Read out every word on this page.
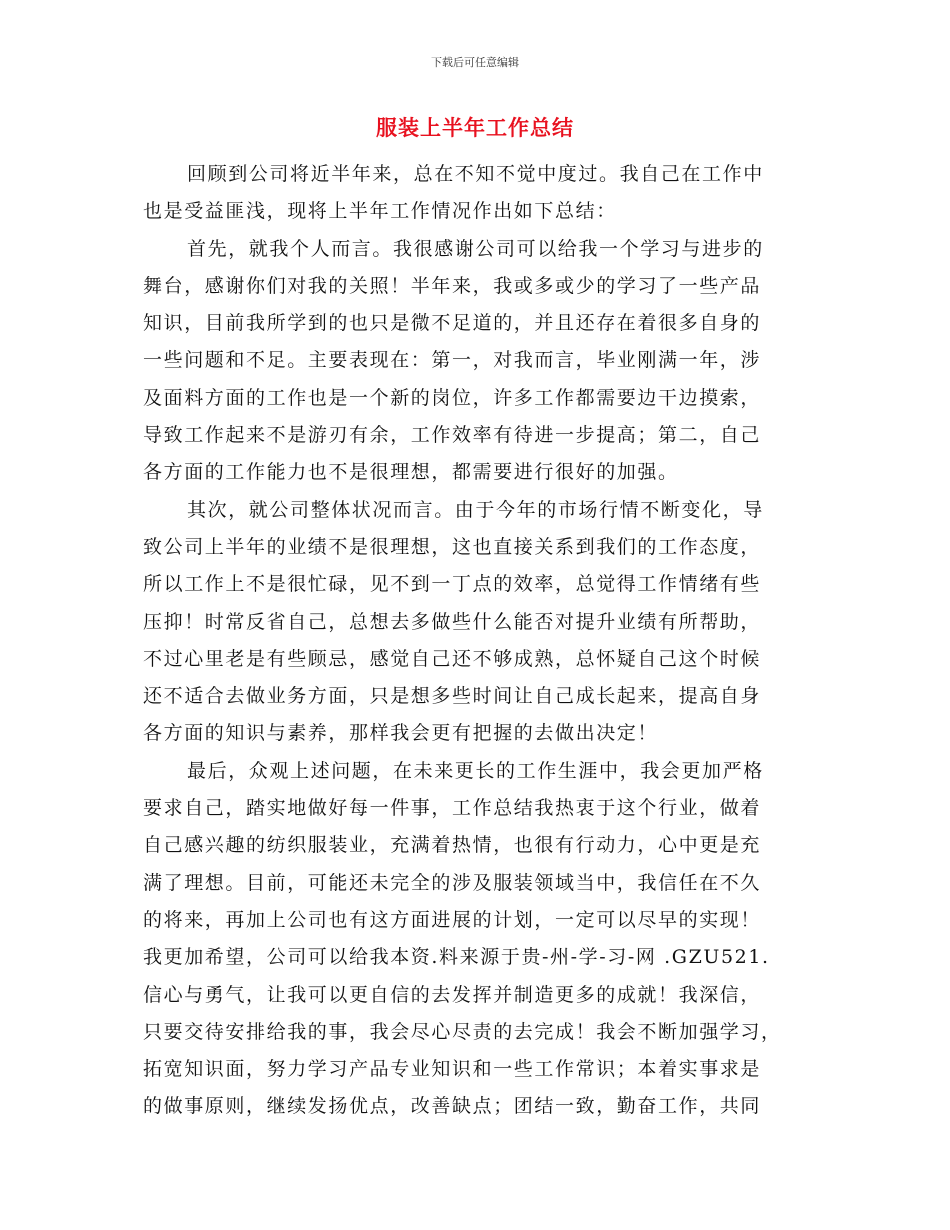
下载后可任意编辑
服装上半年工作总结
回顾到公司将近半年来，总在不知不觉中度过。我自己在工作中
也是受益匪浅，现将上半年工作情况作出如下总结：
首先，就我个人而言。我很感谢公司可以给我一个学习与进步的
舞台，感谢你们对我的关照！半年来，我或多或少的学习了一些产品
知识，目前我所学到的也只是微不足道的，并且还存在着很多自身的
一些问题和不足。主要表现在：第一，对我而言，毕业刚满一年，涉
及面料方面的工作也是一个新的岗位，许多工作都需要边干边摸索，
导致工作起来不是游刃有余，工作效率有待进一步提高；第二，自己
各方面的工作能力也不是很理想，都需要进行很好的加强。
其次，就公司整体状况而言。由于今年的市场行情不断变化，导
致公司上半年的业绩不是很理想，这也直接关系到我们的工作态度，
所以工作上不是很忙碌，见不到一丁点的效率，总觉得工作情绪有些
压抑！时常反省自己，总想去多做些什么能否对提升业绩有所帮助，
不过心里老是有些顾忌，感觉自己还不够成熟，总怀疑自己这个时候
还不适合去做业务方面，只是想多些时间让自己成长起来，提高自身
各方面的知识与素养，那样我会更有把握的去做出决定！
最后，众观上述问题，在未来更长的工作生涯中，我会更加严格
要求自己，踏实地做好每一件事，工作总结我热衷于这个行业，做着
自己感兴趣的纺织服装业，充满着热情，也很有行动力，心中更是充
满了理想。目前，可能还未完全的涉及服装领域当中，我信任在不久
的将来，再加上公司也有这方面进展的计划，一定可以尽早的实现！
我更加希望，公司可以给我本资.料来源于贵-州-学-习-网 .GZU521.
信心与勇气，让我可以更自信的去发挥并制造更多的成就！我深信，
只要交待安排给我的事，我会尽心尽责的去完成！我会不断加强学习，
拓宽知识面，努力学习产品专业知识和一些工作常识；本着实事求是
的做事原则，继续发扬优点，改善缺点；团结一致，勤奋工作，共同
